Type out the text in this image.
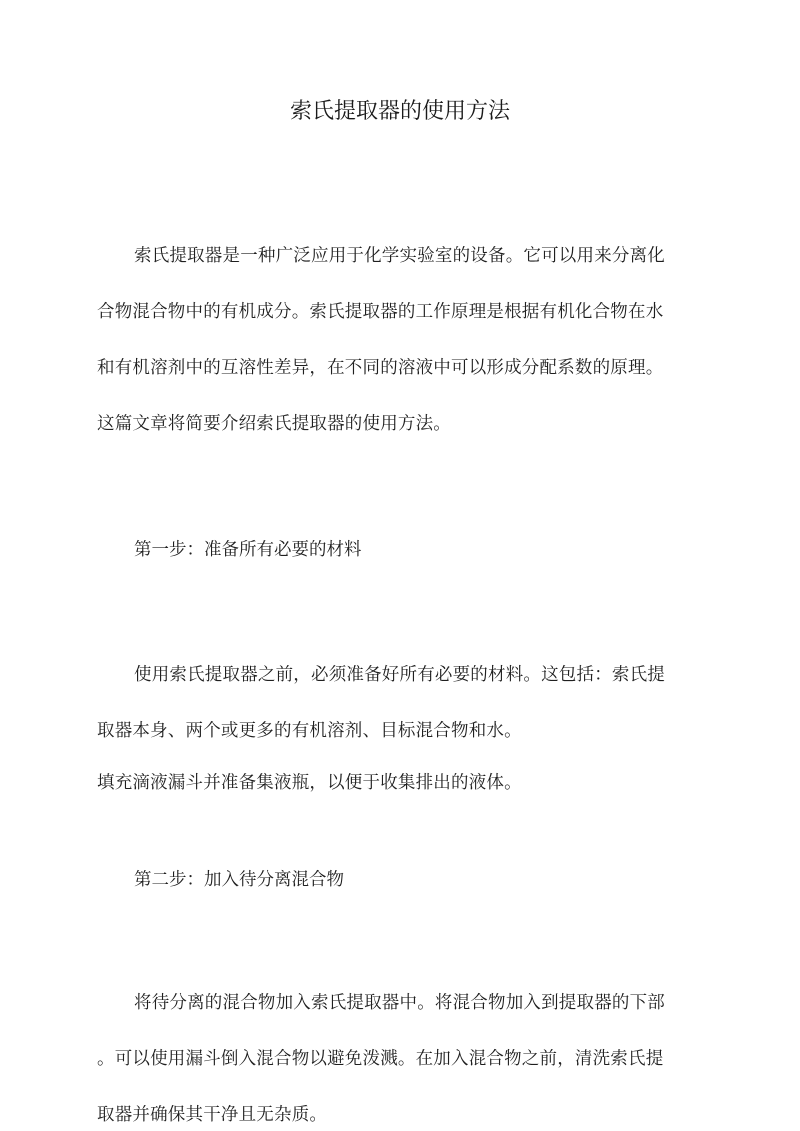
索氏提取器的使用方法

索氏提取器是一种广泛应用于化学实验室的设备。它可以用来分离化

合物混合物中的有机成分。索氏提取器的工作原理是根据有机化合物在水

和有机溶剂中的互溶性差异，在不同的溶液中可以形成分配系数的原理。

这篇文章将简要介绍索氏提取器的使用方法。

第一步：准备所有必要的材料

使用索氏提取器之前，必须准备好所有必要的材料。这包括：索氏提

取器本身、两个或更多的有机溶剂、目标混合物和水。

填充滴液漏斗并准备集液瓶，以便于收集排出的液体。

第二步：加入待分离混合物

将待分离的混合物加入索氏提取器中。将混合物加入到提取器的下部

。可以使用漏斗倒入混合物以避免泼溅。在加入混合物之前，清洗索氏提

取器并确保其干净且无杂质。
